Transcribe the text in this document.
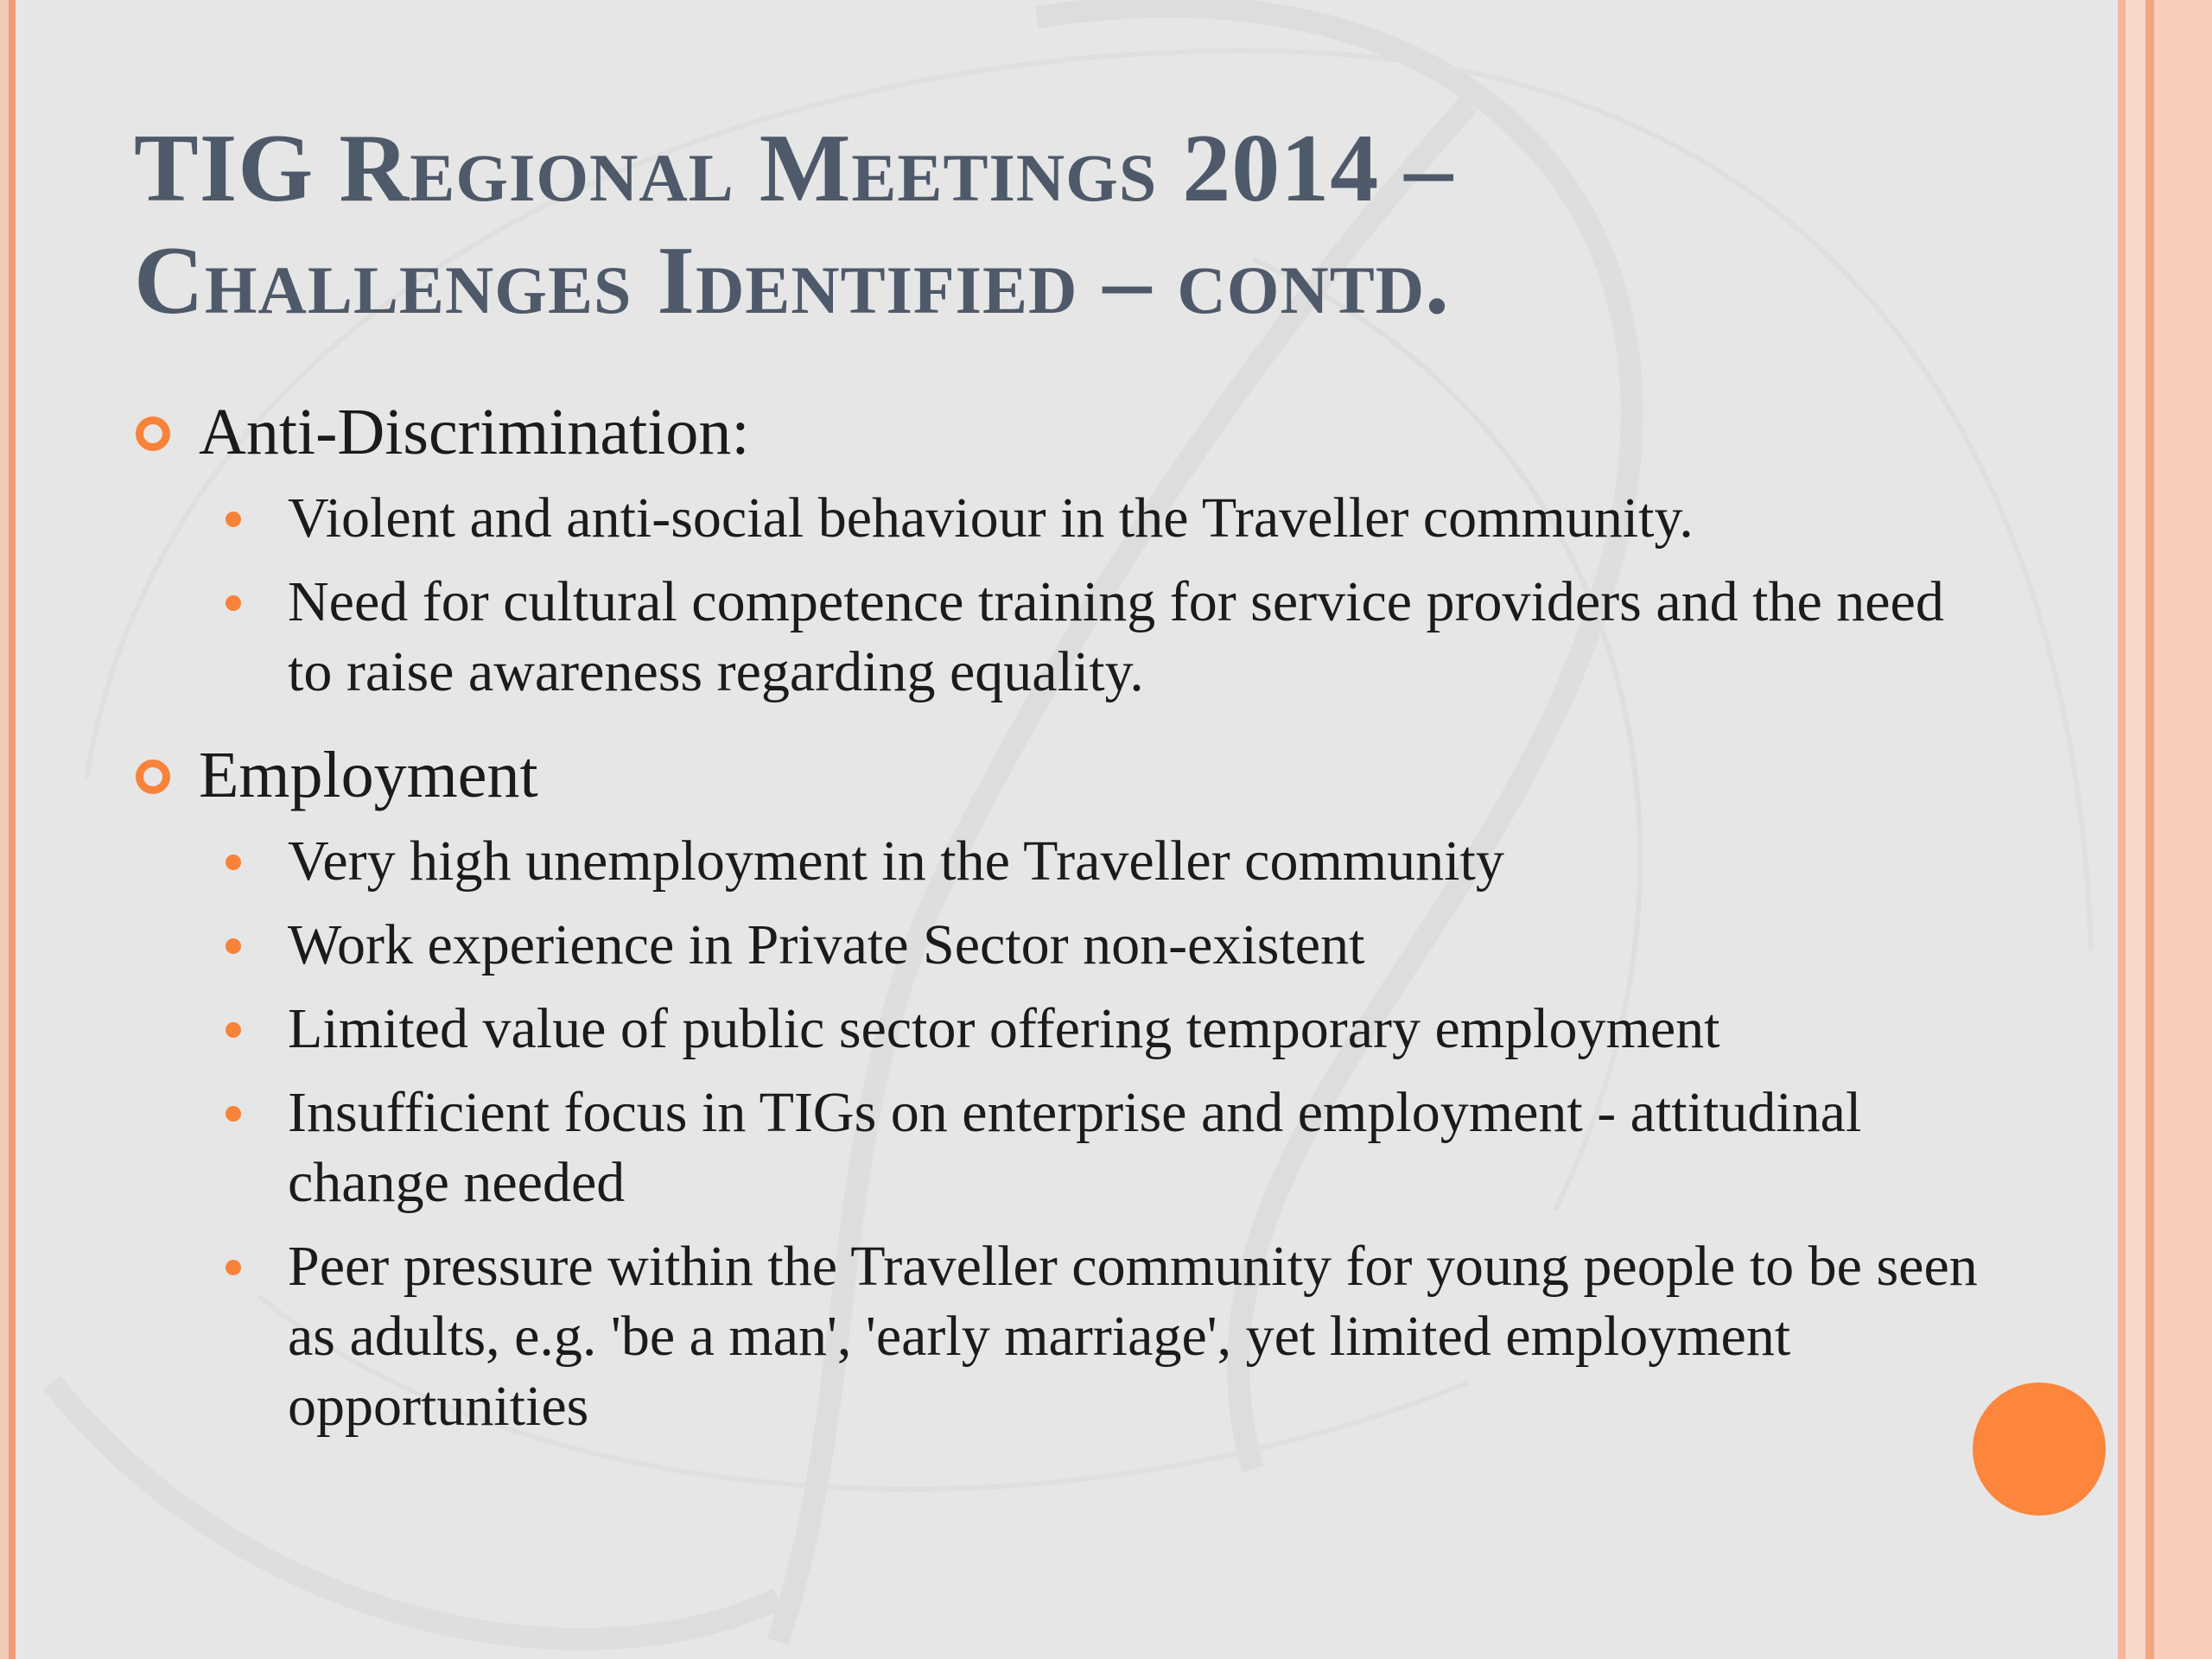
TIG Regional Meetings 2014 –
Challenges Identified – contd.
Anti-Discrimination:
Violent and anti-social behaviour in the Traveller community.
Need for cultural competence training for service providers and the need to raise awareness regarding equality.
Employment
Very high unemployment in the Traveller community
Work experience in Private Sector non-existent
Limited value of public sector offering temporary employment
Insufficient focus in TIGs on enterprise and employment - attitudinal change needed
Peer pressure within the Traveller community for young people to be seen as adults, e.g. 'be a man', 'early marriage', yet limited employment opportunities
